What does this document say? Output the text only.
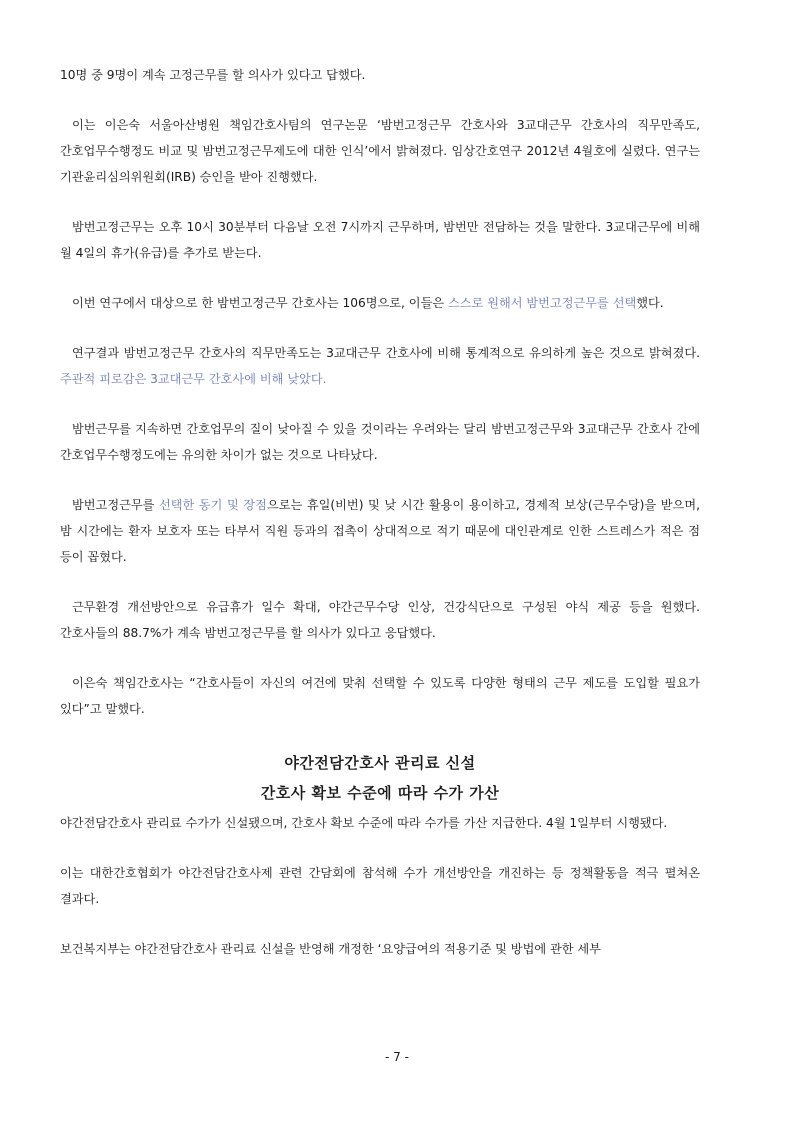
10명 중 9명이 계속 고정근무를 할 의사가 있다고 답했다.

이는 이은숙 서울아산병원 책임간호사팀의 연구논문 ‘밤번고정근무 간호사와 3교대근무 간호사의 직무만족도, 간호업무수행정도 비교 및 밤번고정근무제도에 대한 인식’에서 밝혀졌다. 임상간호연구 2012년 4월호에 실렸다. 연구는 기관윤리심의위원회(IRB) 승인을 받아 진행했다.

밤번고정근무는 오후 10시 30분부터 다음날 오전 7시까지 근무하며, 밤번만 전담하는 것을 말한다. 3교대근무에 비해 월 4일의 휴가(유급)를 추가로 받는다.

이번 연구에서 대상으로 한 밤번고정근무 간호사는 106명으로, 이들은 스스로 원해서 밤번고정근무를 선택했다.

연구결과 밤번고정근무 간호사의 직무만족도는 3교대근무 간호사에 비해 통계적으로 유의하게 높은 것으로 밝혀졌다. 주관적 피로감은 3교대근무 간호사에 비해 낮았다.

밤번근무를 지속하면 간호업무의 질이 낮아질 수 있을 것이라는 우려와는 달리 밤번고정근무와 3교대근무 간호사 간에 간호업무수행정도에는 유의한 차이가 없는 것으로 나타났다.

밤번고정근무를 선택한 동기 및 장점으로는 휴일(비번) 및 낮 시간 활용이 용이하고, 경제적 보상(근무수당)을 받으며, 밤 시간에는 환자 보호자 또는 타부서 직원 등과의 접촉이 상대적으로 적기 때문에 대인관계로 인한 스트레스가 적은 점 등이 꼽혔다.

근무환경 개선방안으로 유급휴가 일수 확대, 야간근무수당 인상, 건강식단으로 구성된 야식 제공 등을 원했다. 간호사들의 88.7%가 계속 밤번고정근무를 할 의사가 있다고 응답했다.

이은숙 책임간호사는 “간호사들이 자신의 여건에 맞춰 선택할 수 있도록 다양한 형태의 근무 제도를 도입할 필요가 있다”고 말했다.

야간전담간호사 관리료 신설

간호사 확보 수준에 따라 수가 가산

야간전담간호사 관리료 수가가 신설됐으며, 간호사 확보 수준에 따라 수가를 가산 지급한다. 4월 1일부터 시행됐다.

이는 대한간호협회가 야간전담간호사제 관련 간담회에 참석해 수가 개선방안을 개진하는 등 정책활동을 적극 펼쳐온 결과다.

보건복지부는 야간전담간호사 관리료 신설을 반영해 개정한 ‘요양급여의 적용기준 및 방법에 관한 세부

- 7 -
